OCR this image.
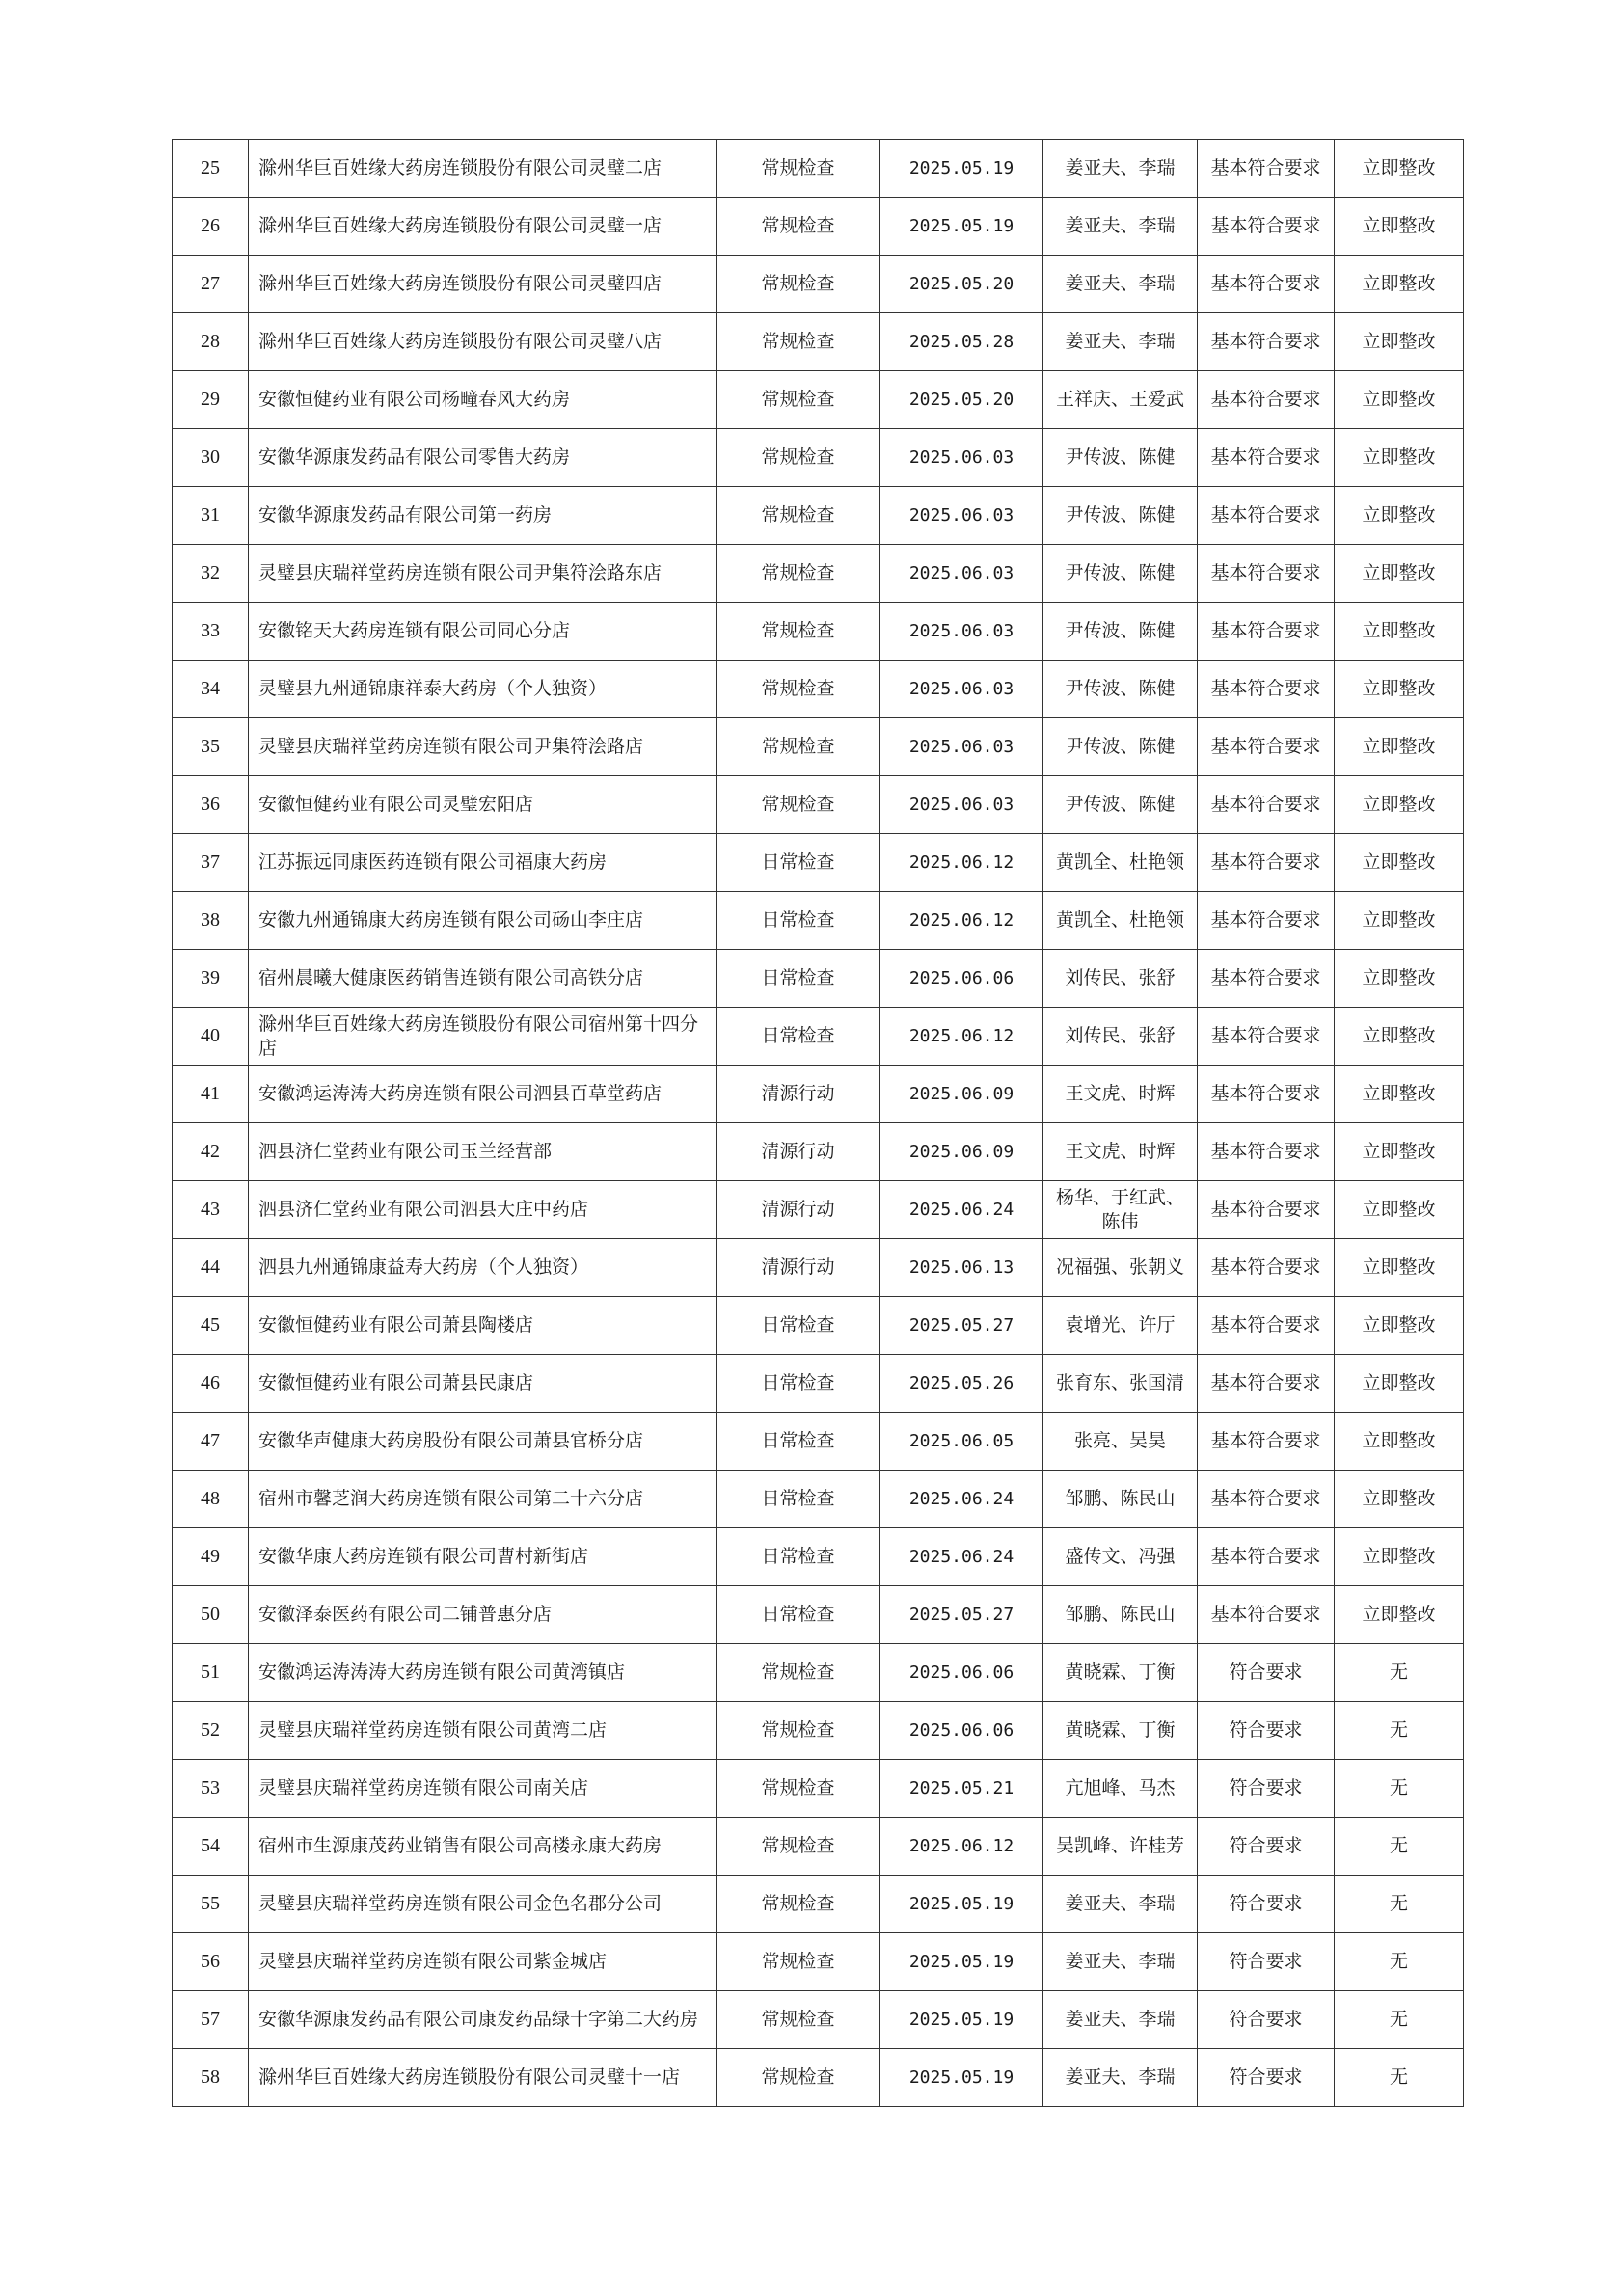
25	滁州华巨百姓缘大药房连锁股份有限公司灵璧二店	常规检查	2025.05.19	姜亚夫、李瑞	基本符合要求	立即整改
26	滁州华巨百姓缘大药房连锁股份有限公司灵璧一店	常规检查	2025.05.19	姜亚夫、李瑞	基本符合要求	立即整改
27	滁州华巨百姓缘大药房连锁股份有限公司灵璧四店	常规检查	2025.05.20	姜亚夫、李瑞	基本符合要求	立即整改
28	滁州华巨百姓缘大药房连锁股份有限公司灵璧八店	常规检查	2025.05.28	姜亚夫、李瑞	基本符合要求	立即整改
29	安徽恒健药业有限公司杨疃春风大药房	常规检查	2025.05.20	王祥庆、王爱武	基本符合要求	立即整改
30	安徽华源康发药品有限公司零售大药房	常规检查	2025.06.03	尹传波、陈健	基本符合要求	立即整改
31	安徽华源康发药品有限公司第一药房	常规检查	2025.06.03	尹传波、陈健	基本符合要求	立即整改
32	灵璧县庆瑞祥堂药房连锁有限公司尹集符浍路东店	常规检查	2025.06.03	尹传波、陈健	基本符合要求	立即整改
33	安徽铭天大药房连锁有限公司同心分店	常规检查	2025.06.03	尹传波、陈健	基本符合要求	立即整改
34	灵璧县九州通锦康祥泰大药房（个人独资）	常规检查	2025.06.03	尹传波、陈健	基本符合要求	立即整改
35	灵璧县庆瑞祥堂药房连锁有限公司尹集符浍路店	常规检查	2025.06.03	尹传波、陈健	基本符合要求	立即整改
36	安徽恒健药业有限公司灵璧宏阳店	常规检查	2025.06.03	尹传波、陈健	基本符合要求	立即整改
37	江苏振远同康医药连锁有限公司福康大药房	日常检查	2025.06.12	黄凯全、杜艳领	基本符合要求	立即整改
38	安徽九州通锦康大药房连锁有限公司砀山李庄店	日常检查	2025.06.12	黄凯全、杜艳领	基本符合要求	立即整改
39	宿州晨曦大健康医药销售连锁有限公司高铁分店	日常检查	2025.06.06	刘传民、张舒	基本符合要求	立即整改
40	滁州华巨百姓缘大药房连锁股份有限公司宿州第十四分店	日常检查	2025.06.12	刘传民、张舒	基本符合要求	立即整改
41	安徽鸿运涛涛大药房连锁有限公司泗县百草堂药店	清源行动	2025.06.09	王文虎、时辉	基本符合要求	立即整改
42	泗县济仁堂药业有限公司玉兰经营部	清源行动	2025.06.09	王文虎、时辉	基本符合要求	立即整改
43	泗县济仁堂药业有限公司泗县大庄中药店	清源行动	2025.06.24	杨华、于红武、陈伟	基本符合要求	立即整改
44	泗县九州通锦康益寿大药房（个人独资）	清源行动	2025.06.13	况福强、张朝义	基本符合要求	立即整改
45	安徽恒健药业有限公司萧县陶楼店	日常检查	2025.05.27	袁增光、许厅	基本符合要求	立即整改
46	安徽恒健药业有限公司萧县民康店	日常检查	2025.05.26	张育东、张国清	基本符合要求	立即整改
47	安徽华声健康大药房股份有限公司萧县官桥分店	日常检查	2025.06.05	张亮、吴昊	基本符合要求	立即整改
48	宿州市馨芝润大药房连锁有限公司第二十六分店	日常检查	2025.06.24	邹鹏、陈民山	基本符合要求	立即整改
49	安徽华康大药房连锁有限公司曹村新街店	日常检查	2025.06.24	盛传文、冯强	基本符合要求	立即整改
50	安徽泽泰医药有限公司二铺普惠分店	日常检查	2025.05.27	邹鹏、陈民山	基本符合要求	立即整改
51	安徽鸿运涛涛涛大药房连锁有限公司黄湾镇店	常规检查	2025.06.06	黄晓霖、丁衡	符合要求	无
52	灵璧县庆瑞祥堂药房连锁有限公司黄湾二店	常规检查	2025.06.06	黄晓霖、丁衡	符合要求	无
53	灵璧县庆瑞祥堂药房连锁有限公司南关店	常规检查	2025.05.21	亢旭峰、马杰	符合要求	无
54	宿州市生源康茂药业销售有限公司高楼永康大药房	常规检查	2025.06.12	吴凯峰、许桂芳	符合要求	无
55	灵璧县庆瑞祥堂药房连锁有限公司金色名郡分公司	常规检查	2025.05.19	姜亚夫、李瑞	符合要求	无
56	灵璧县庆瑞祥堂药房连锁有限公司紫金城店	常规检查	2025.05.19	姜亚夫、李瑞	符合要求	无
57	安徽华源康发药品有限公司康发药品绿十字第二大药房	常规检查	2025.05.19	姜亚夫、李瑞	符合要求	无
58	滁州华巨百姓缘大药房连锁股份有限公司灵璧十一店	常规检查	2025.05.19	姜亚夫、李瑞	符合要求	无
